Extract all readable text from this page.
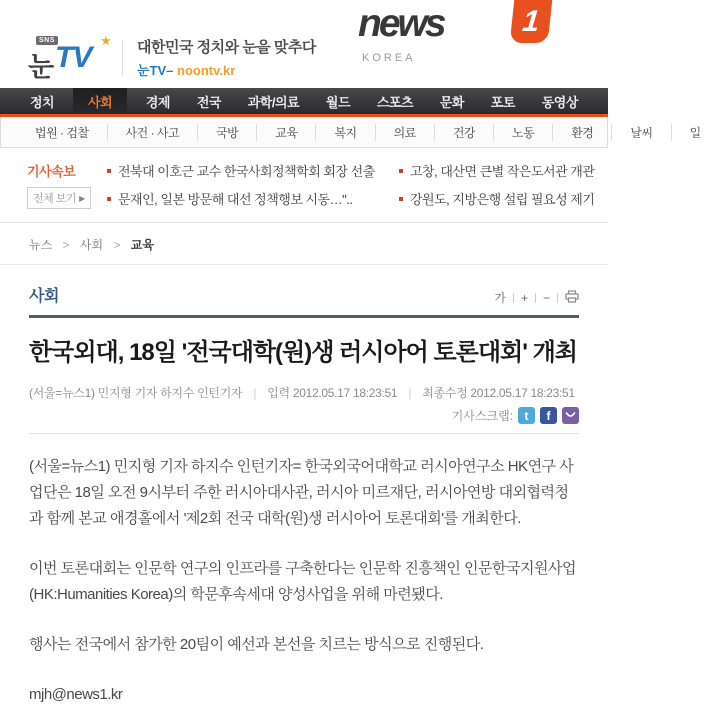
SNS
눈 TV
★ 대한민국 정치와 눈을 맞추다
눈TV– noontv.kr
news	1
KOREA
정치	사회	경제	전국	과학/의료	월드	스포츠	문화	포토	동영상
법원 · 검찰	사건 · 사고	국방	교육	복지	의료	건강	노동	환경	날씨	일
기사속보
전체 보기 ▶
전북대 이호근 교수 한국사회정책학회 회장 선출	고창, 대산면 큰별 작은도서관 개관
문재인, 일본 방문해 대선 정책행보 시동…"..	강원도, 지방은행 설립 필요성 제기
뉴스 > 사회 > 교육
사회	가	+	−
한국외대, 18일 '전국대학(원)생 러시아어 토론대회' 개최
(서울=뉴스1) 민지형 기자 하지수 인턴기자 | 입력 2012.05.17 18:23:51 | 최종수정 2012.05.17 18:23:51
기사스크랩: t f

(서울=뉴스1) 민지형 기자 하지수 인턴기자= 한국외국어대학교 러시아연구소 HK연구 사업단은 18일 오전 9시부터 주한 러시아대사관, 러시아 미르재단, 러시아연방 대외협력청과 함께 본교 애경홀에서 '제2회 전국 대학(원)생 러시아어 토론대회'를 개최한다.

이번 토론대회는 인문학 연구의 인프라를 구축한다는 인문학 진흥책인 인문한국지원사업(HK:Humanities Korea)의 학문후속세대 양성사업을 위해 마련됐다.

행사는 전국에서 참가한 20팀이 예선과 본선을 치르는 방식으로 진행된다.

mjh@news1.kr
